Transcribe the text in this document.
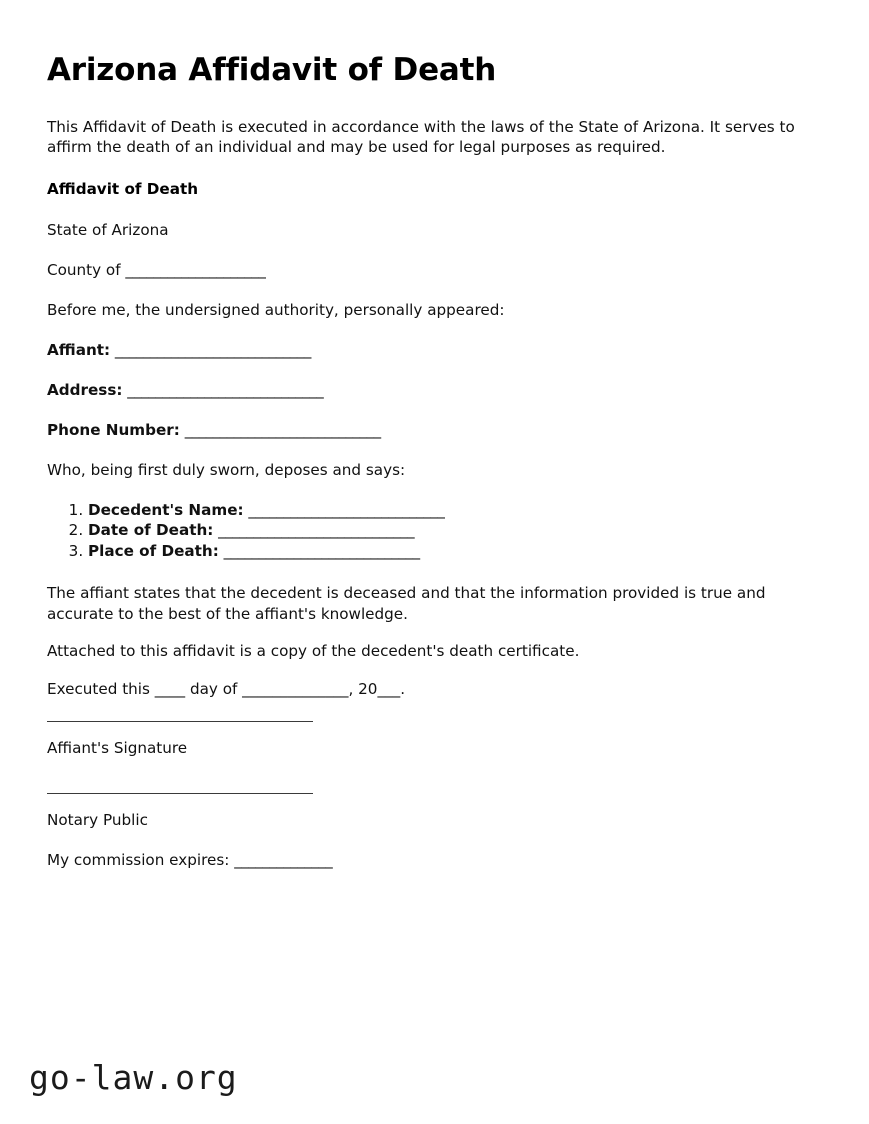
Arizona Affidavit of Death

This Affidavit of Death is executed in accordance with the laws of the State of Arizona. It serves to affirm the death of an individual and may be used for legal purposes as required.

Affidavit of Death
State of Arizona
County of ____________________
Before me, the undersigned authority, personally appeared:
Affiant: ____________________________
Address: ____________________________
Phone Number: ____________________________
Who, being first duly sworn, deposes and says:
1. Decedent's Name: ____________________________
2. Date of Death: ____________________________
3. Place of Death: ____________________________

The affiant states that the decedent is deceased and that the information provided is true and accurate to the best of the affiant's knowledge.

Attached to this affidavit is a copy of the decedent's death certificate.

Executed this ____ day of ______________, 20___.
Affiant's Signature
Notary Public
My commission expires: ______________
go-law.org
